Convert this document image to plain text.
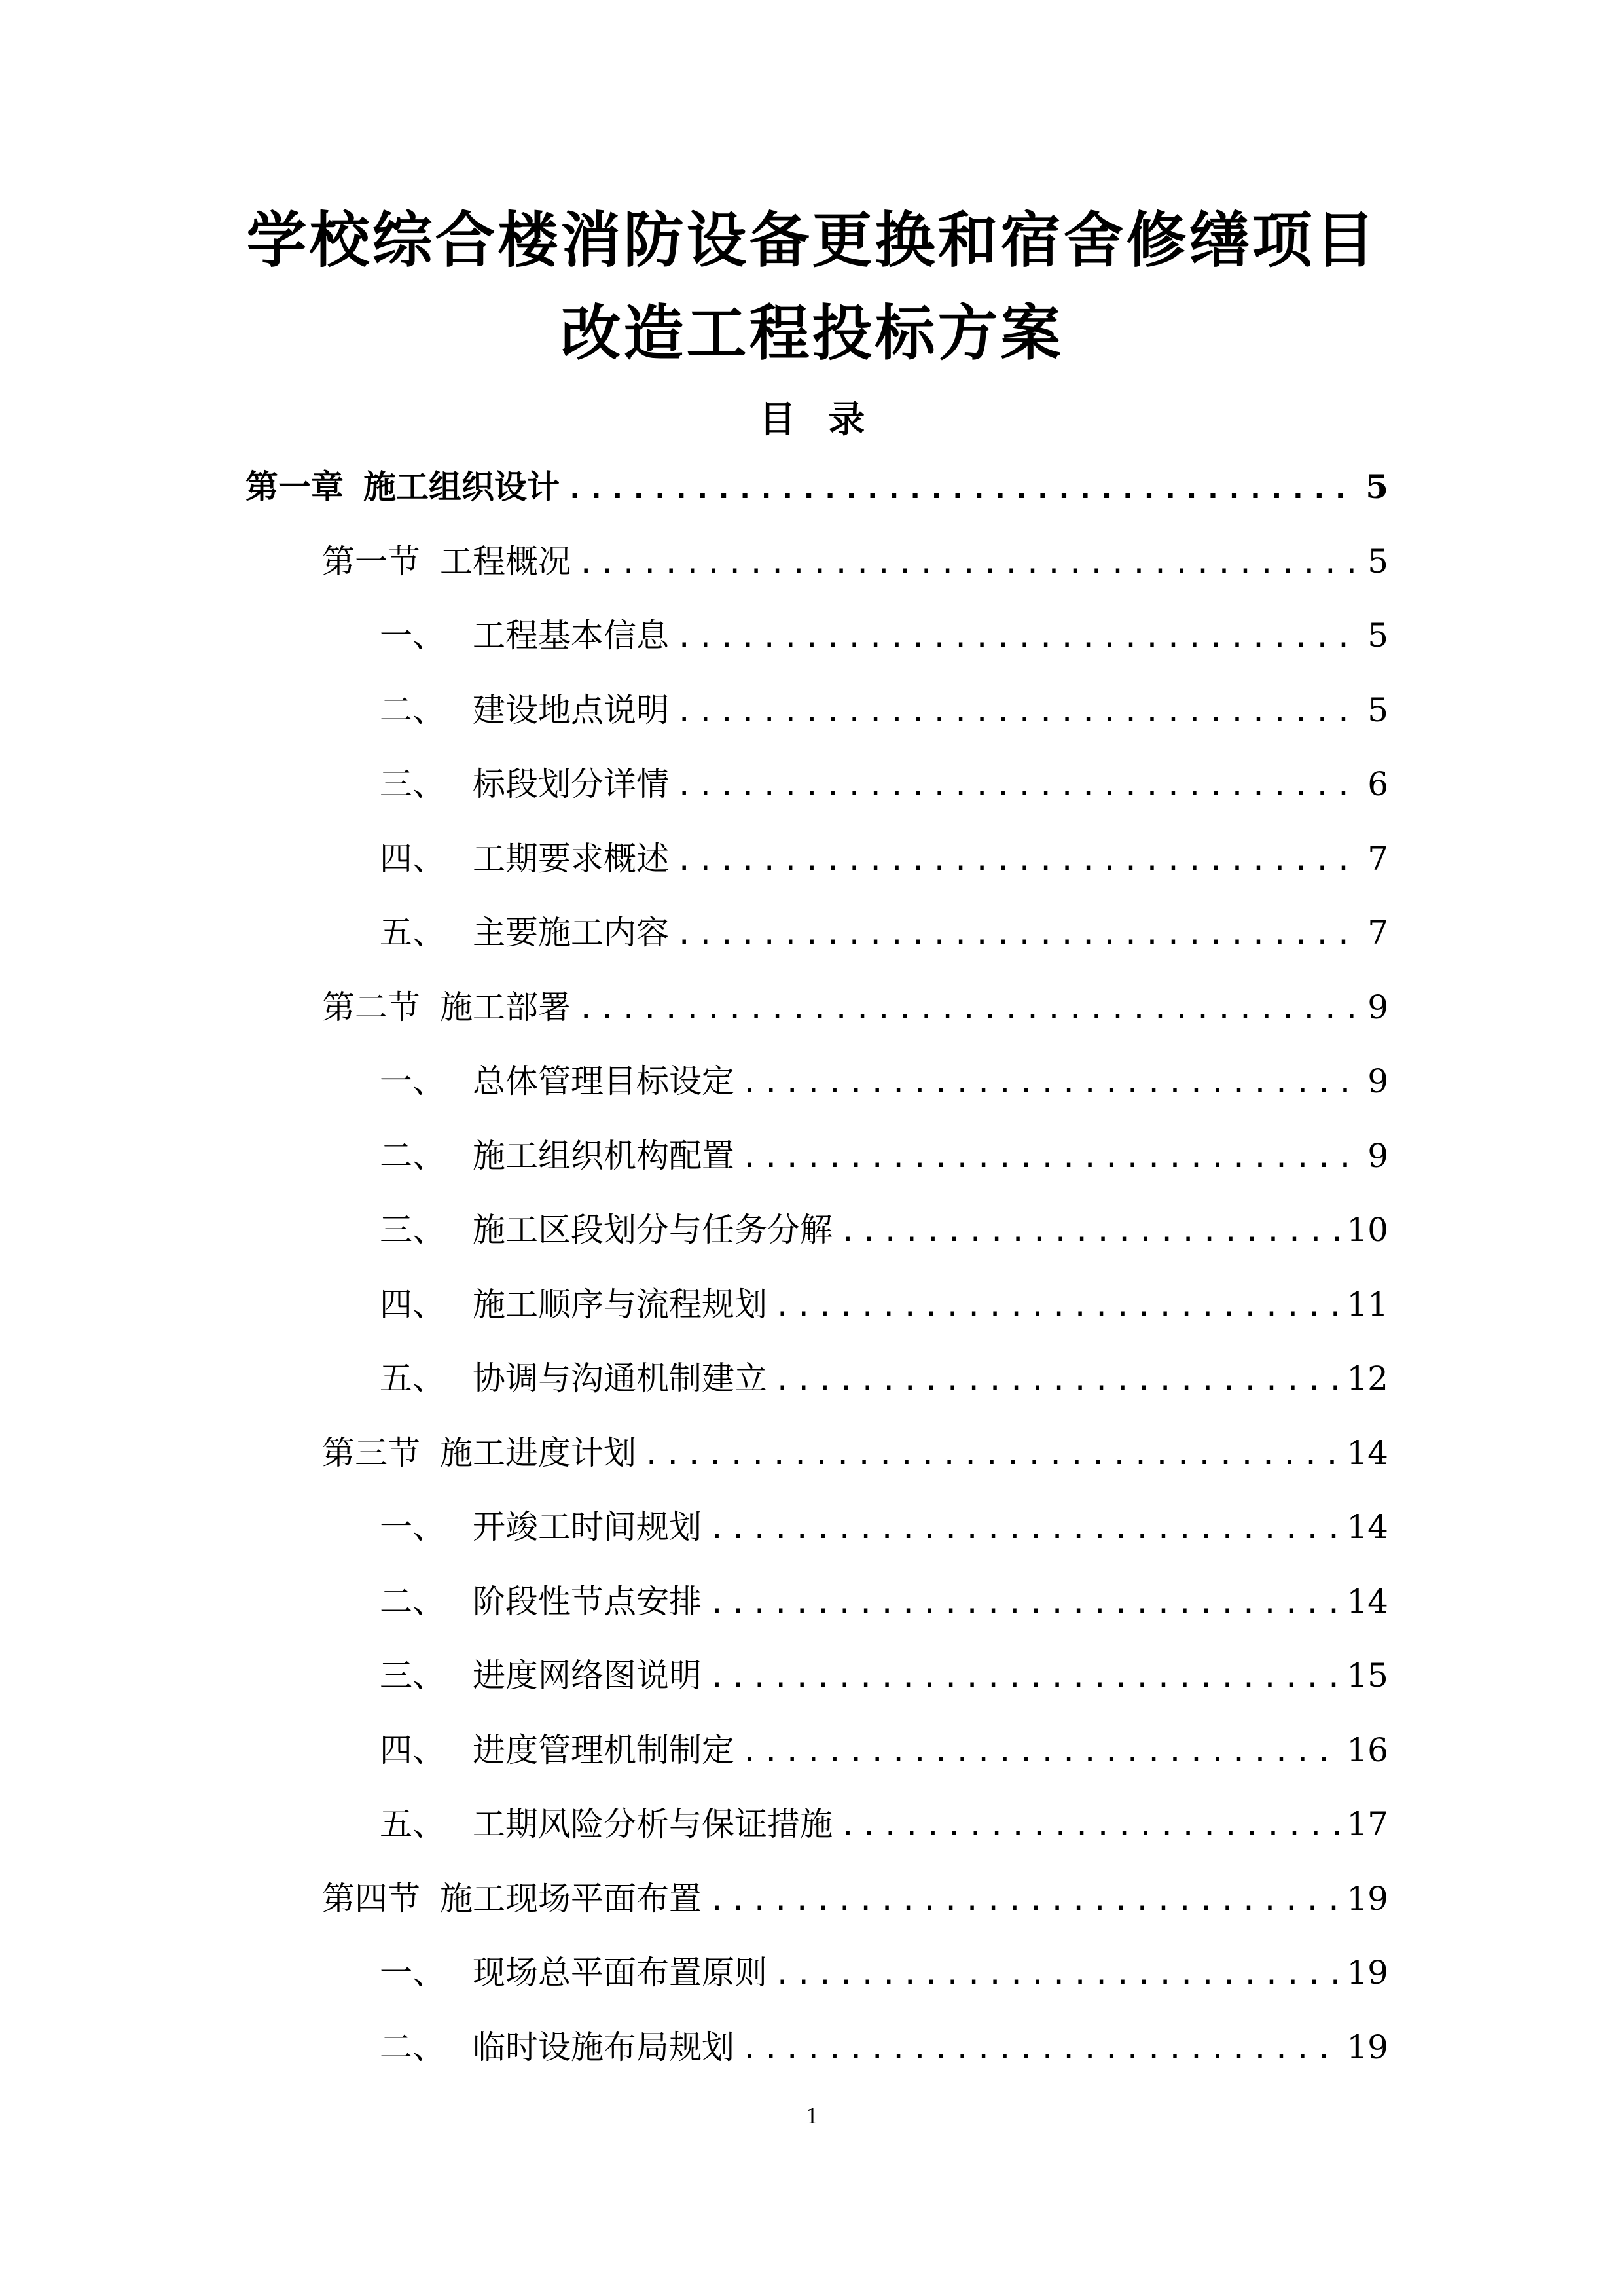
学校综合楼消防设备更换和宿舍修缮项目
改造工程投标方案
目 录
第一章 施工组织设计 .....	5
第一节 工程概况 .....	5
一、 工程基本信息 .....	5
二、 建设地点说明 .....	5
三、 标段划分详情 .....	6
四、 工期要求概述 .....	7
五、 主要施工内容 .....	7
第二节 施工部署 .....	9
一、 总体管理目标设定 .....	9
二、 施工组织机构配置 .....	9
三、 施工区段划分与任务分解 .....	10
四、 施工顺序与流程规划 .....	11
五、 协调与沟通机制建立 .....	12
第三节 施工进度计划 .....	14
一、 开竣工时间规划 .....	14
二、 阶段性节点安排 .....	14
三、 进度网络图说明 .....	15
四、 进度管理机制制定 .....	16
五、 工期风险分析与保证措施 .....	17
第四节 施工现场平面布置 .....	19
一、 现场总平面布置原则 .....	19
二、 临时设施布局规划 .....	19
1
